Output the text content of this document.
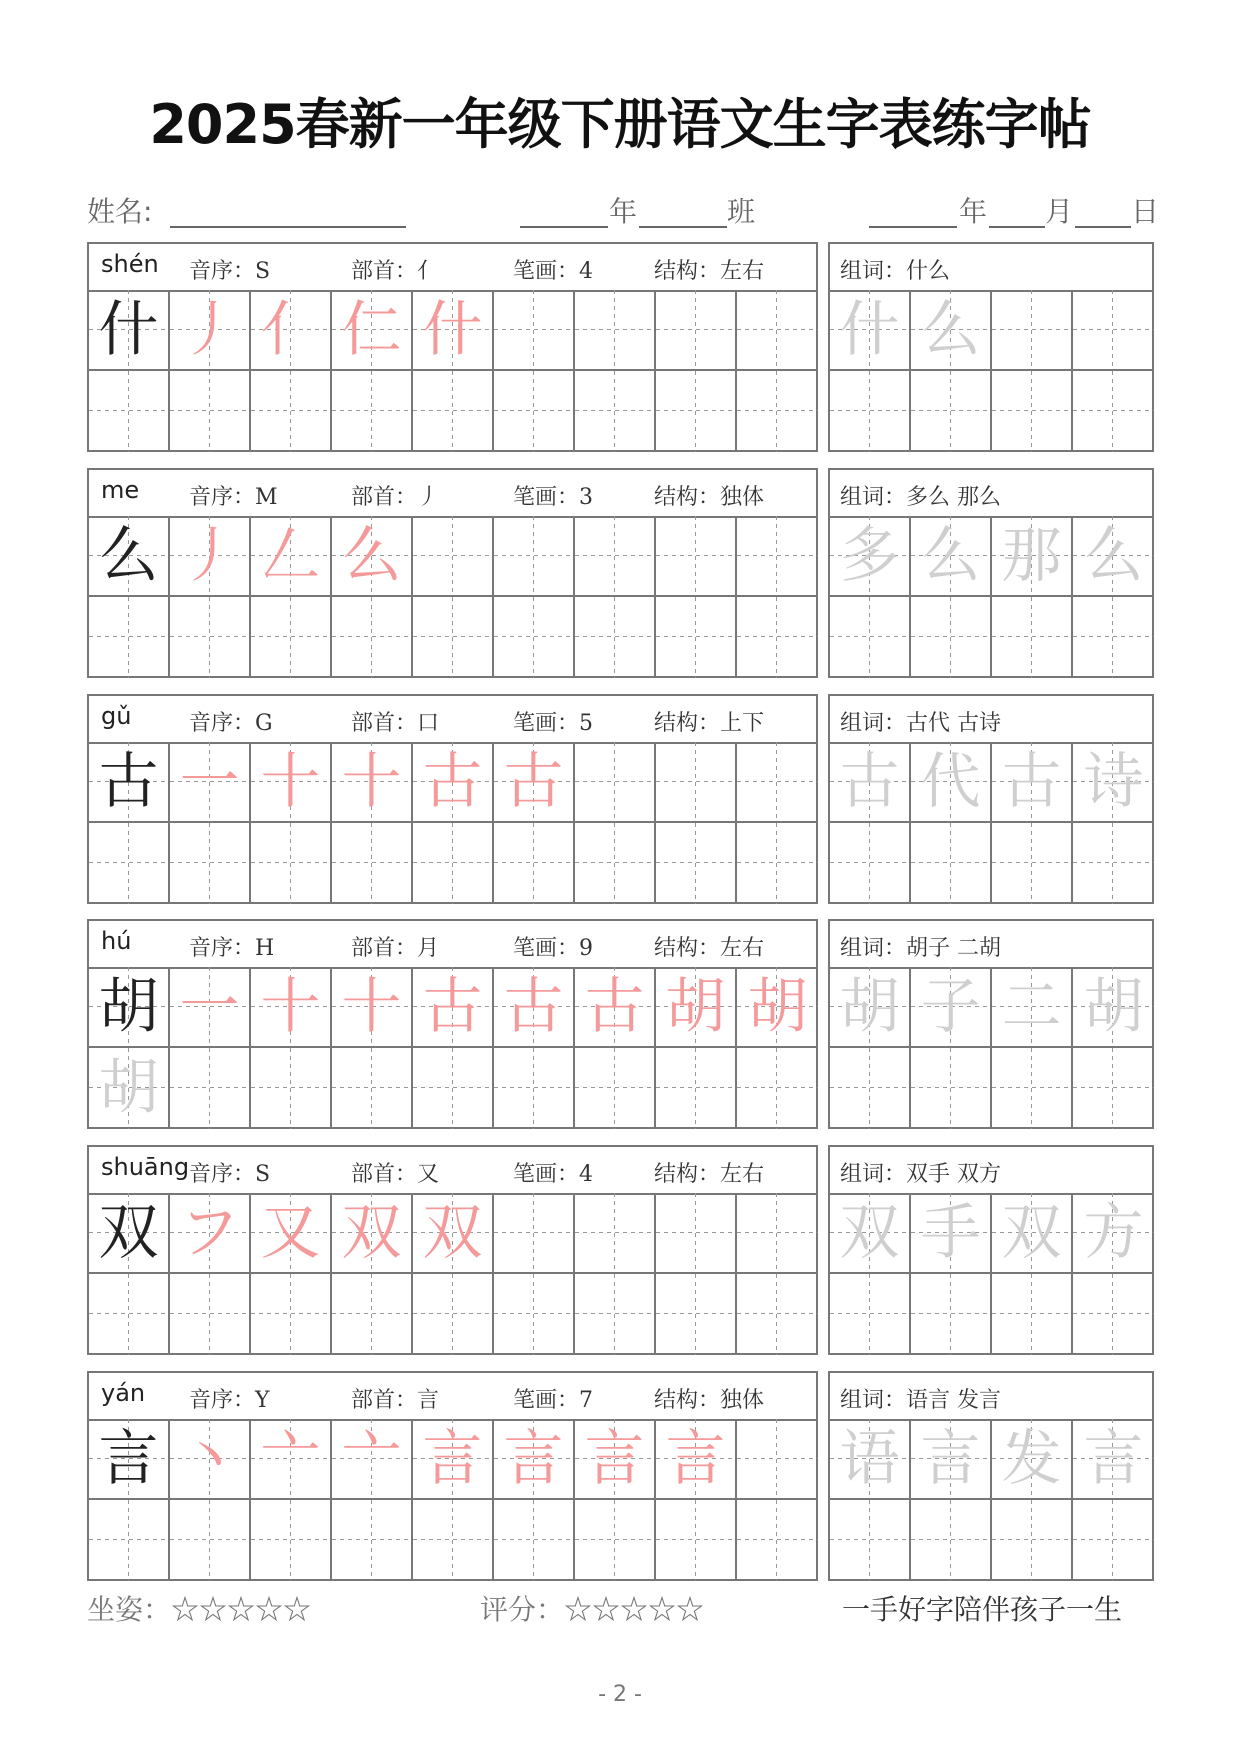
2025春新一年级下册语文生字表练字帖
姓名:	年	班	年 月 日
shén 音序：S	部首：亻	笔画：4	结构：左右
什 丿 亻 仁 什
组词：什么
什 么
me 音序：M	部首：丿	笔画：3	结构：独体
么 丿 𠃋 么
组词：多么 那么
多 么 那 么
gǔ	音序：G	部首：口	笔画：5	结构：上下
古 一 十 十 古 古
组词：古代 古诗
古 代 古 诗
hú	音序：H	部首：月	笔画：9	结构：左右
胡 一 十 十 古 古 古 胡 胡
胡
组词：胡子 二胡
胡 子 二 胡
shuāng 音序：S	部首：又	笔画：4	结构：左右
双 フ 又 双 双
组词：双手 双方
双 手 双 方
yán 音序：Y	部首：言	笔画：7	结构：独体
言 丶 亠 亠 言 言 言 言
组词：语言 发言
语 言 发 言
坐姿：☆☆☆☆☆	评分：☆☆☆☆☆	一手好字陪伴孩子一生
- 2 -
